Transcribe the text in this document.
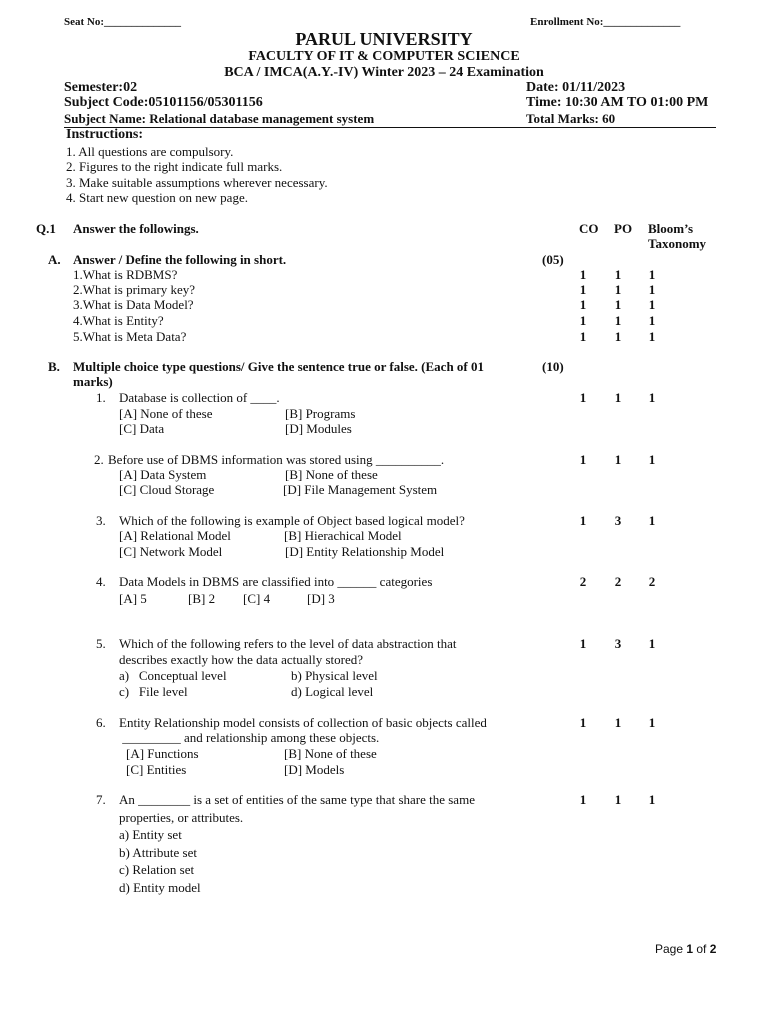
Seat No:______________	Enrollment No:______________
PARUL UNIVERSITY
FACULTY OF IT & COMPUTER SCIENCE
BCA / IMCA(A.Y.-IV) Winter 2023 – 24 Examination
Semester:02	Date: 01/11/2023
Subject Code:05101156/05301156	Time: 10:30 AM TO 01:00 PM
Subject Name: Relational database management system	Total Marks: 60
Instructions:
1. All questions are compulsory.
2. Figures to the right indicate full marks.
3. Make suitable assumptions wherever necessary.
4. Start new question on new page.
Q.1 Answer the followings.	CO PO Bloom’s
Taxonomy
A. Answer / Define the following in short.	(05)
1.What is RDBMS?	1	1	1
2.What is primary key?	1	1	1
3.What is Data Model?	1	1	1
4.What is Entity?	1	1	1
5.What is Meta Data?	1	1	1
B. Multiple choice type questions/ Give the sentence true or false. (Each of 01
marks)
(10)
1. Database is collection of ____.	1	1	1
[A] None of these	[B] Programs
[C] Data	[D] Modules
2. Before use of DBMS information was stored using __________.	1	1	1
[A] Data System	[B] None of these
[C] Cloud Storage	[D] File Management System
3. Which of the following is example of Object based logical model?	1	3	1
[A] Relational Model	[B] Hierachical Model
[C] Network Model	[D] Entity Relationship Model
4. Data Models in DBMS are classified into ______ categories	2	2	2
[A] 5	[B] 2 [C] 4	[D] 3
5. Which of the following refers to the level of data abstraction that
describes exactly how the data actually stored?
1	3	1
a)   Conceptual level	b) Physical level
c)   File level	d) Logical level
6. Entity Relationship model consists of collection of basic objects called
_________ and relationship among these objects.
1	1	1
[A] Functions	[B] None of these
[C] Entities	[D] Models
7. An ________ is a set of entities of the same type that share the same
properties, or attributes.
1	1	1
a) Entity set
b) Attribute set
c) Relation set
d) Entity model
Page 1 of 2
